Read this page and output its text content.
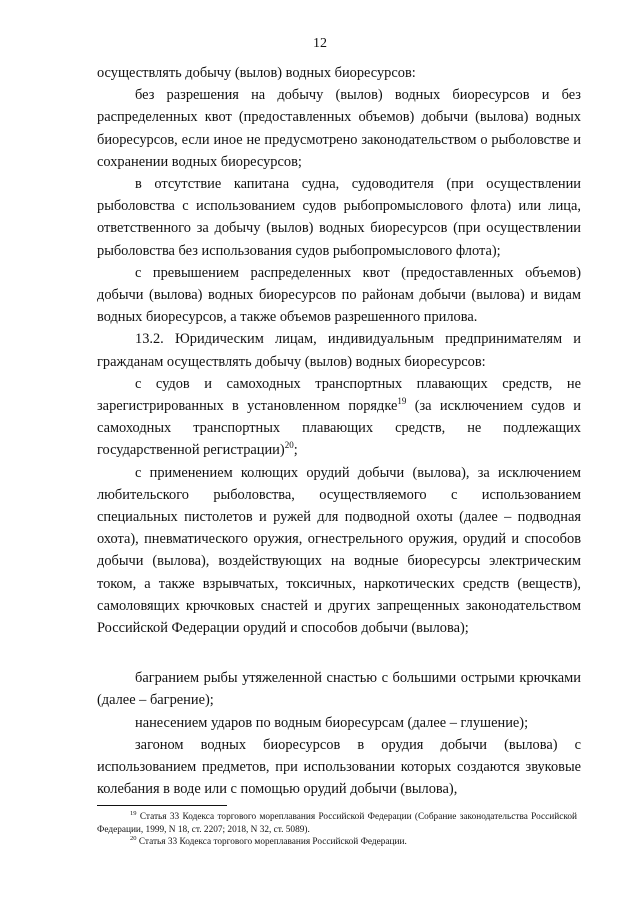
12

осуществлять добычу (вылов) водных биоресурсов:

без разрешения на добычу (вылов) водных биоресурсов и без распределенных квот (предоставленных объемов) добычи (вылова) водных биоресурсов, если иное не предусмотрено законодательством о рыболовстве и сохранении водных биоресурсов;

в отсутствие капитана судна, судоводителя (при осуществлении рыболовства с использованием судов рыбопромыслового флота) или лица, ответственного за добычу (вылов) водных биоресурсов (при осуществлении рыболовства без использования судов рыбопромыслового флота);

с превышением распределенных квот (предоставленных объемов) добычи (вылова) водных биоресурсов по районам добычи (вылова) и видам водных биоресурсов, а также объемов разрешенного прилова.

13.2. Юридическим лицам, индивидуальным предпринимателям и гражданам осуществлять добычу (вылов) водных биоресурсов:

с судов и самоходных транспортных плавающих средств, не зарегистрированных в установленном порядке$^{19}$ (за исключением судов и самоходных транспортных плавающих средств, не подлежащих государственной регистрации)$^{20}$;

с применением колющих орудий добычи (вылова), за исключением любительского рыболовства, осуществляемого с использованием специальных пистолетов и ружей для подводной охоты (далее – подводная охота), пневматического оружия, огнестрельного оружия, орудий и способов добычи (вылова), воздействующих на водные биоресурсы электрическим током, а также взрывчатых, токсичных, наркотических средств (веществ), самоловящих крючковых снастей и других запрещенных законодательством Российской Федерации орудий и способов добычи (вылова);

багранием рыбы утяжеленной снастью с большими острыми крючками (далее – багрение);

нанесением ударов по водным биоресурсам (далее – глушение);

загоном водных биоресурсов в орудия добычи (вылова) с использованием предметов, при использовании которых создаются звуковые колебания в воде или с помощью орудий добычи (вылова),

$^{19}$ Статья 33 Кодекса торгового мореплавания Российской Федерации (Собрание законодательства Российской Федерации, 1999, N 18, ст. 2207; 2018, N 32, ст. 5089).

$^{20}$ Статья 33 Кодекса торгового мореплавания Российской Федерации.
